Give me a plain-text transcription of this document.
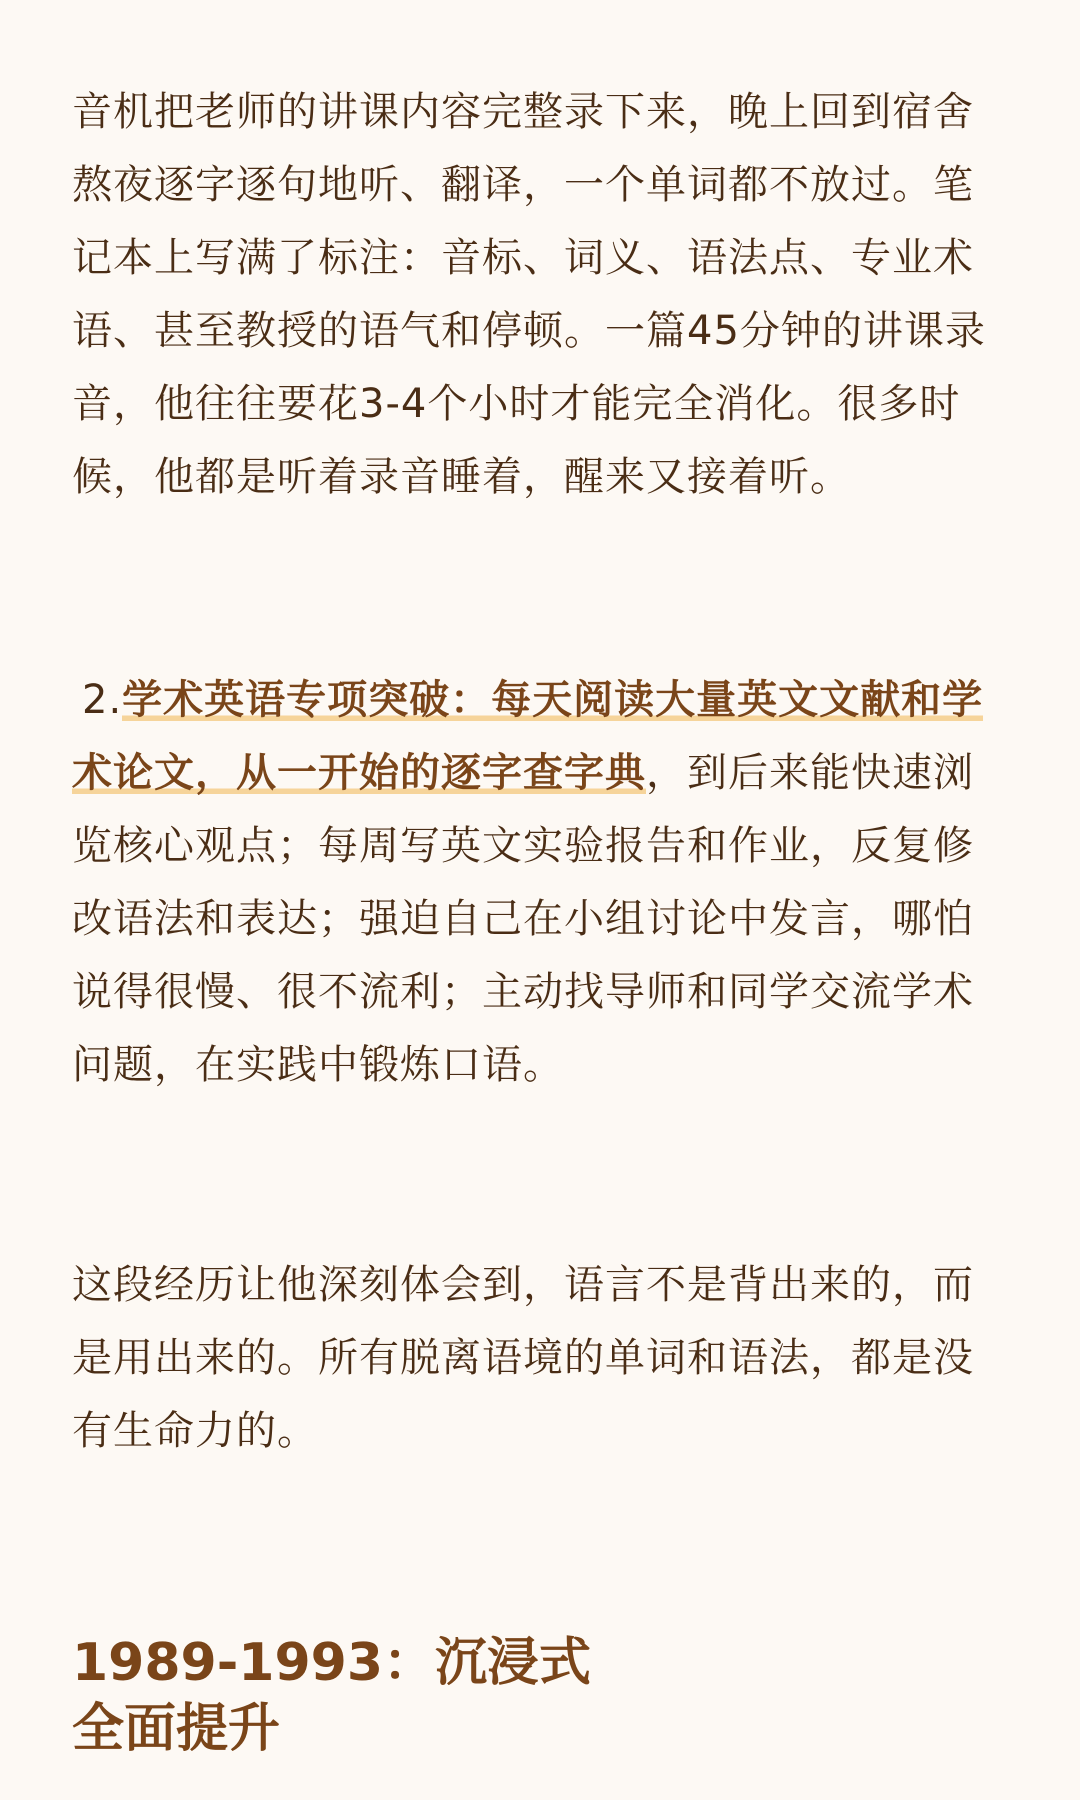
音机把老师的讲课内容完整录下来，晚上回到宿舍熬夜逐字逐句地听、翻译，一个单词都不放过。笔记本上写满了标注：音标、词义、语法点、专业术语、甚至教授的语气和停顿。一篇45分钟的讲课录音，他往往要花3-4个小时才能完全消化。很多时候，他都是听着录音睡着，醒来又接着听。

2.学术英语专项突破：每天阅读大量英文文献和学术论文，从一开始的逐字查字典，到后来能快速浏览核心观点；每周写英文实验报告和作业，反复修改语法和表达；强迫自己在小组讨论中发言，哪怕说得很慢、很不流利；主动找导师和同学交流学术问题，在实践中锻炼口语。

这段经历让他深刻体会到，语言不是背出来的，而是用出来的。所有脱离语境的单词和语法，都是没有生命力的。

1989-1993：沉浸式
全面提升
